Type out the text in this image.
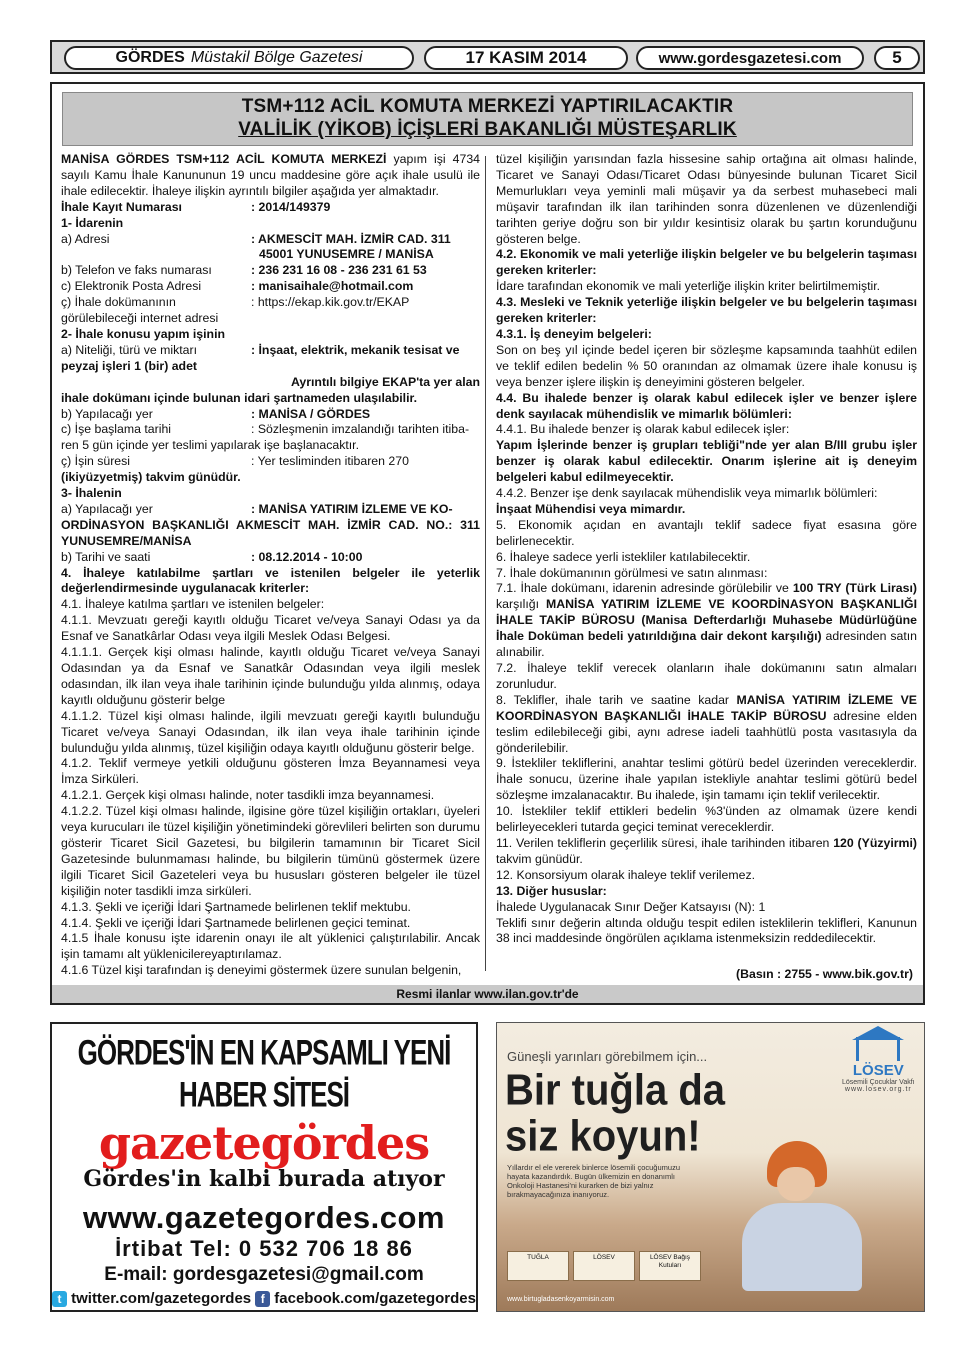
GÖRDES Müstakil Bölge Gazetesi	17 KASIM 2014	www.gordesgazetesi.com	5
TSM+112 ACİL KOMUTA MERKEZİ YAPTIRILACAKTIR
VALİLİK (YİKOB) İÇİŞLERİ BAKANLIĞI MÜSTEŞARLIK

MANİSA GÖRDES TSM+112 ACİL KOMUTA MERKEZİ yapım işi 4734 sayılı Kamu İhale Kanununun 19 uncu maddesine göre açık ihale usulü ile ihale edilecektir. İhaleye ilişkin ayrıntılı bilgiler aşağıda yer almaktadır.

İhale Kayıt Numarası	: 2014/149379

1- İdarenin

a) Adresi	: AKMESCİT MAH. İZMİR CAD. 311
45001 YUNUSEMRE / MANİSA
b) Telefon ve faks numarası	: 236 231 16 08 - 236 231 61 53
c) Elektronik Posta Adresi	: manisaihale@hotmail.com
ç) İhale dokümanının	: https://ekap.kik.gov.tr/EKAP

görülebileceği internet adresi

2- İhale konusu yapım işinin

a) Niteliği, türü ve miktarı	: İnşaat, elektrik, mekanik tesisat ve

peyzaj işleri 1 (bir) adet

Ayrıntılı bilgiye EKAP'ta yer alan

ihale dokümanı içinde bulunan idari şartnameden ulaşılabilir.

b) Yapılacağı yer	: MANİSA / GÖRDES
c) İşe başlama tarihi	: Sözleşmenin imzalandığı tarihten itiba-

ren 5 gün içinde yer teslimi yapılarak işe başlanacaktır.

ç) İşin süresi	: Yer tesliminden itibaren 270

(ikiyüzyetmiş) takvim günüdür.

3- İhalenin

a) Yapılacağı yer	: MANİSA YATIRIM İZLEME VE KO-

ORDİNASYON BAŞKANLIĞI AKMESCİT MAH. İZMİR CAD. NO.: 311 YUNUSEMRE/MANİSA

b) Tarihi ve saati	: 08.12.2014 - 10:00

4. İhaleye katılabilme şartları ve istenilen belgeler ile yeterlik değerlendirmesinde uygulanacak kriterler:

4.1. İhaleye katılma şartları ve istenilen belgeler:

4.1.1. Mevzuatı gereği kayıtlı olduğu Ticaret ve/veya Sanayi Odası ya da Esnaf ve Sanatkârlar Odası veya ilgili Meslek Odası Belgesi.

4.1.1.1. Gerçek kişi olması halinde, kayıtlı olduğu Ticaret ve/veya Sanayi Odasından ya da Esnaf ve Sanatkâr Odasından veya ilgili meslek odasından, ilk ilan veya ihale tarihinin içinde bulunduğu yılda alınmış, odaya kayıtlı olduğunu gösterir belge

4.1.1.2. Tüzel kişi olması halinde, ilgili mevzuatı gereği kayıtlı bulunduğu Ticaret ve/veya Sanayi Odasından, ilk ilan veya ihale tarihinin içinde bulunduğu yılda alınmış, tüzel kişiliğin odaya kayıtlı olduğunu gösterir belge.

4.1.2. Teklif vermeye yetkili olduğunu gösteren İmza Beyannamesi veya İmza Sirküleri.

4.1.2.1. Gerçek kişi olması halinde, noter tasdikli imza beyannamesi.

4.1.2.2. Tüzel kişi olması halinde, ilgisine göre tüzel kişiliğin ortakları, üyeleri veya kurucuları ile tüzel kişiliğin yönetimindeki görevlileri belirten son durumu gösterir Ticaret Sicil Gazetesi, bu bilgilerin tamamının bir Ticaret Sicil Gazetesinde bulunmaması halinde, bu bilgilerin tümünü göstermek üzere ilgili Ticaret Sicil Gazeteleri veya bu hususları gösteren belgeler ile tüzel kişiliğin noter tasdikli imza sirküleri.

4.1.3. Şekli ve içeriği İdari Şartnamede belirlenen teklif mektubu.

4.1.4. Şekli ve içeriği İdari Şartnamede belirlenen geçici teminat.

4.1.5 İhale konusu işte idarenin onayı ile alt yüklenici çalıştırılabilir. Ancak işin tamamı alt yüklenicilereyaptırılamaz.

4.1.6 Tüzel kişi tarafından iş deneyimi göstermek üzere sunulan belgenin,

tüzel kişiliğin yarısından fazla hissesine sahip ortağına ait olması halinde, Ticaret ve Sanayi Odası/Ticaret Odası bünyesinde bulunan Ticaret Sicil Memurlukları veya yeminli mali müşavir ya da serbest muhasebeci mali müşavir tarafından ilk ilan tarihinden sonra düzenlenen ve düzenlendiği tarihten geriye doğru son bir yıldır kesintisiz olarak bu şartın korunduğunu gösteren belge.

4.2. Ekonomik ve mali yeterliğe ilişkin belgeler ve bu belgelerin taşıması gereken kriterler:

İdare tarafından ekonomik ve mali yeterliğe ilişkin kriter belirtilmemiştir.

4.3. Mesleki ve Teknik yeterliğe ilişkin belgeler ve bu belgelerin taşıması gereken kriterler:

4.3.1. İş deneyim belgeleri:

Son on beş yıl içinde bedel içeren bir sözleşme kapsamında taahhüt edilen ve teklif edilen bedelin % 50 oranından az olmamak üzere ihale konusu iş veya benzer işlere ilişkin iş deneyimini gösteren belgeler.

4.4. Bu ihalede benzer iş olarak kabul edilecek işler ve benzer işlere denk sayılacak mühendislik ve mimarlık bölümleri:

4.4.1. Bu ihalede benzer iş olarak kabul edilecek işler:

Yapım İşlerinde benzer iş grupları tebliği"nde yer alan B/III grubu işler benzer iş olarak kabul edilecektir. Onarım işlerine ait iş deneyim belgeleri kabul edilmeyecektir.

4.4.2. Benzer işe denk sayılacak mühendislik veya mimarlık bölümleri:

İnşaat Mühendisi veya mimardır.

5. Ekonomik açıdan en avantajlı teklif sadece fiyat esasına göre belirlenecektir.

6. İhaleye sadece yerli istekliler katılabilecektir.

7. İhale dokümanının görülmesi ve satın alınması:

7.1. İhale dokümanı, idarenin adresinde görülebilir ve 100 TRY (Türk Lirası) karşılığı MANİSA YATIRIM İZLEME VE KOORDİNASYON BAŞKANLIĞI İHALE TAKİP BÜROSU (Manisa Defterdarlığı Muhasebe Müdürlüğüne İhale Doküman bedeli yatırıldığına dair dekont karşılığı) adresinden satın alınabilir.

7.2. İhaleye teklif verecek olanların ihale dokümanını satın almaları zorunludur.

8. Teklifler, ihale tarih ve saatine kadar MANİSA YATIRIM İZLEME VE KOORDİNASYON BAŞKANLIĞI İHALE TAKİP BÜROSU adresine elden teslim edilebileceği gibi, aynı adrese iadeli taahhütlü posta vasıtasıyla da gönderilebilir.

9. İstekliler tekliflerini, anahtar teslimi götürü bedel üzerinden vereceklerdir. İhale sonucu, üzerine ihale yapılan istekliyle anahtar teslimi götürü bedel sözleşme imzalanacaktır. Bu ihalede, işin tamamı için teklif verilecektir.

10. İstekliler teklif ettikleri bedelin %3'ünden az olmamak üzere kendi belirleyecekleri tutarda geçici teminat vereceklerdir.

11. Verilen tekliflerin geçerlilik süresi, ihale tarihinden itibaren 120 (Yüzyirmi) takvim günüdür.

12. Konsorsiyum olarak ihaleye teklif verilemez.

13. Diğer hususlar:

İhalede Uygulanacak Sınır Değer Katsayısı (N): 1

Teklifi sınır değerin altında olduğu tespit edilen isteklilerin teklifleri, Kanunun 38 inci maddesinde öngörülen açıklama istenmeksizin reddedilecektir.

(Basın : 2755 - www.bik.gov.tr)
Resmi ilanlar www.ilan.gov.tr'de
GÖRDES'İN EN KAPSAMLI YENİ HABER SİTESİ
gazetegördes
Gördes'in kalbi burada atıyor
www.gazetegordes.com
İrtibat Tel: 0 532 706 18 86
E-mail: gordesgazetesi@gmail.com
t twitter.com/gazetegordes f facebook.com/gazetegordes
Güneşli yarınları görebilmem için...
Bir tuğla da
siz koyun!
Yıllardır el ele vererek binlerce lösemili çocuğumuzu hayata kazandırdık. Bugün ülkemizin en donanımlı Onkoloji Hastanesi'ni kurarken de bizi yalnız bırakmayacağınıza inanıyoruz.
LÖSEV
Lösemili Çocuklar Vakfı
www.losev.org.tr
TUĞLA	LÖSEV	LÖSEV Bağış Kutuları
www.birtugladasenkoyarmisin.com
